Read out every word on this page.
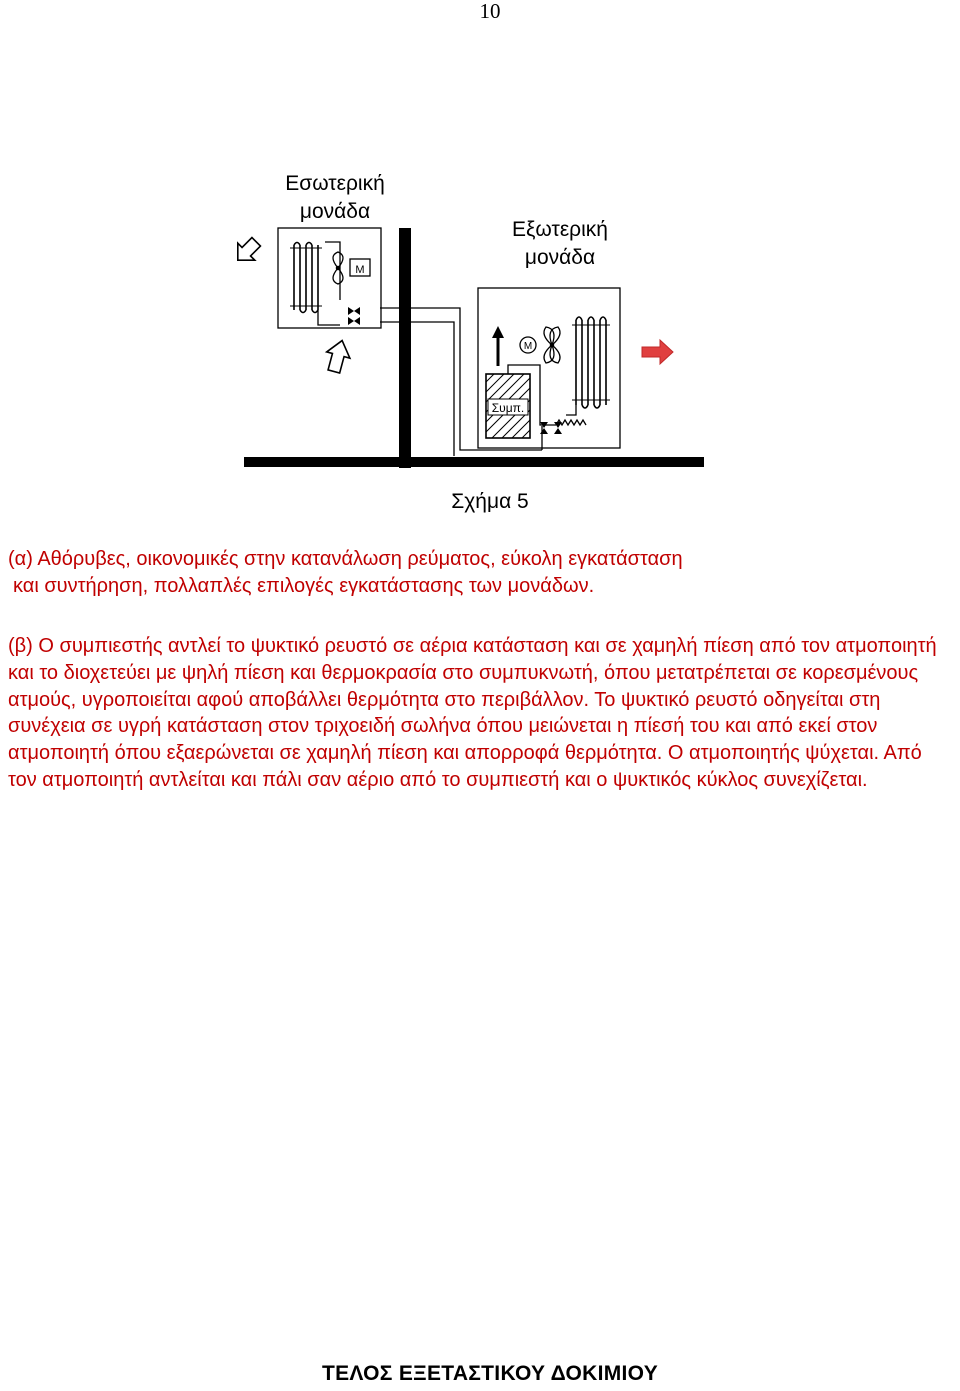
10
Εσωτερική
μονάδα
Εξωτερική
μονάδα
M
M
Συμπ.
Σχήμα 5

(α) Αθόρυβες, οικονομικές στην κατανάλωση ρεύματος, εύκολη εγκατάσταση
και συντήρηση, πολλαπλές επιλογές εγκατάστασης των μονάδων.

(β) Ο συμπιεστής αντλεί το ψυκτικό ρευστό σε αέρια κατάσταση και σε χαμηλή πίεση από τον ατμοποιητή και το διοχετεύει με ψηλή πίεση και θερμοκρασία στο συμπυκνωτή, όπου μετατρέπεται σε κορεσμένους ατμούς, υγροποιείται αφού αποβάλλει θερμότητα στο περιβάλλον. Το ψυκτικό ρευστό οδηγείται στη συνέχεια σε υγρή κατάσταση στον τριχοειδή σωλήνα όπου μειώνεται η πίεσή του και από εκεί στον ατμοποιητή όπου εξαερώνεται σε χαμηλή πίεση και απορροφά θερμότητα. Ο ατμοποιητής ψύχεται. Από τον ατμοποιητή αντλείται και πάλι σαν αέριο από το συμπιεστή και ο ψυκτικός κύκλος συνεχίζεται.

ΤΕΛΟΣ ΕΞΕΤΑΣΤΙΚΟΥ ΔΟΚΙΜΙΟΥ
